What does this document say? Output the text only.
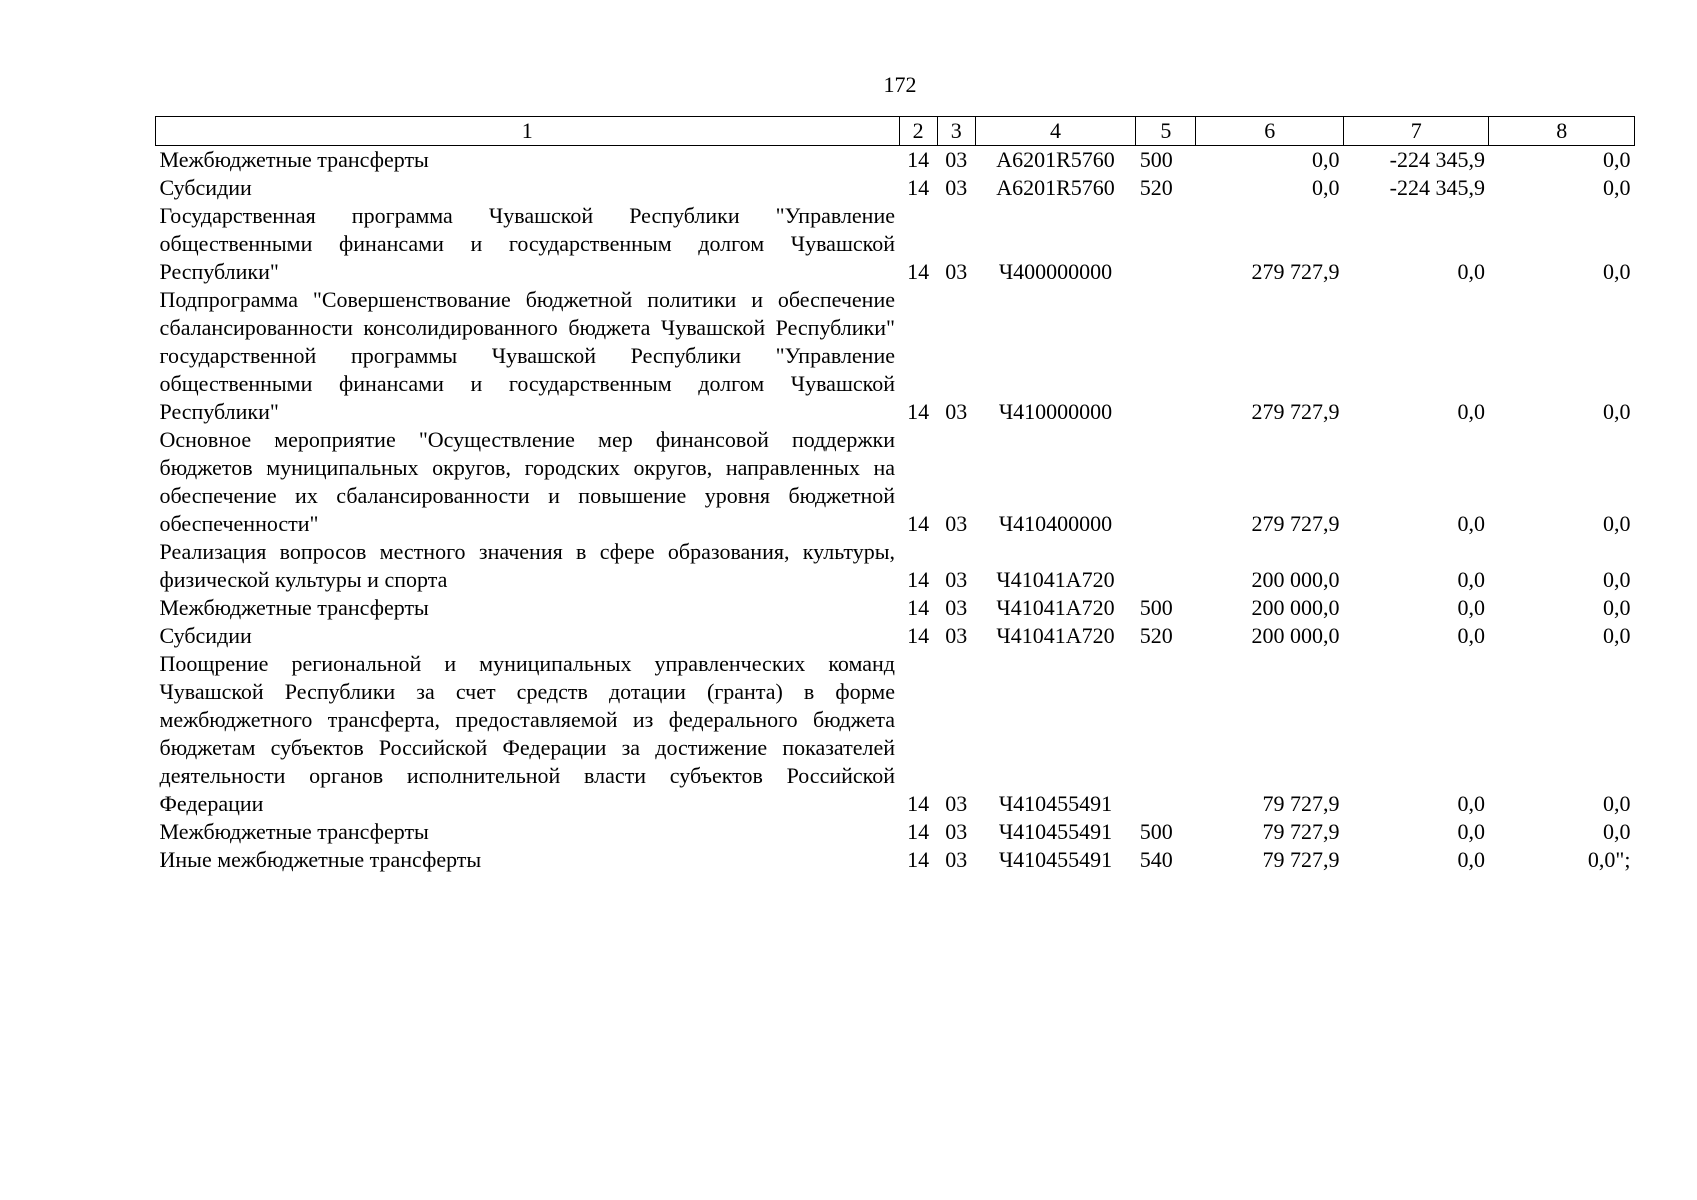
172
1	2	3	4	5	6	7	8
Межбюджетные трансферты	14	03	А6201R5760	500	0,0	-224 345,9	0,0
Субсидии	14	03	А6201R5760	520	0,0	-224 345,9	0,0
Государственная программа Чувашской Республики "Управление общественными финансами и государственным долгом Чувашской Республики"	14	03	Ч400000000		279 727,9	0,0	0,0
Подпрограмма "Совершенствование бюджетной политики и обеспечение сбалансированности консолидированного бюджета Чувашской Республики" государственной программы Чувашской Республики "Управление общественными финансами и государственным долгом Чувашской Республики"	14	03	Ч410000000		279 727,9	0,0	0,0
Основное мероприятие "Осуществление мер финансовой поддержки бюджетов муниципальных округов, городских округов, направленных на обеспечение их сбалансированности и повышение уровня бюджетной обеспеченности"	14	03	Ч410400000		279 727,9	0,0	0,0
Реализация вопросов местного значения в сфере образования, культуры, физической культуры и спорта	14	03	Ч41041А720		200 000,0	0,0	0,0
Межбюджетные трансферты	14	03	Ч41041А720	500	200 000,0	0,0	0,0
Субсидии	14	03	Ч41041А720	520	200 000,0	0,0	0,0
Поощрение региональной и муниципальных управленческих команд Чувашской Республики за счет средств дотации (гранта) в форме межбюджетного трансферта, предоставляемой из федерального бюджета бюджетам субъектов Российской Федерации за достижение показателей деятельности органов исполнительной власти субъектов Российской Федерации	14	03	Ч410455491		79 727,9	0,0	0,0
Межбюджетные трансферты	14	03	Ч410455491	500	79 727,9	0,0	0,0
Иные межбюджетные трансферты	14	03	Ч410455491	540	79 727,9	0,0	0,0";
